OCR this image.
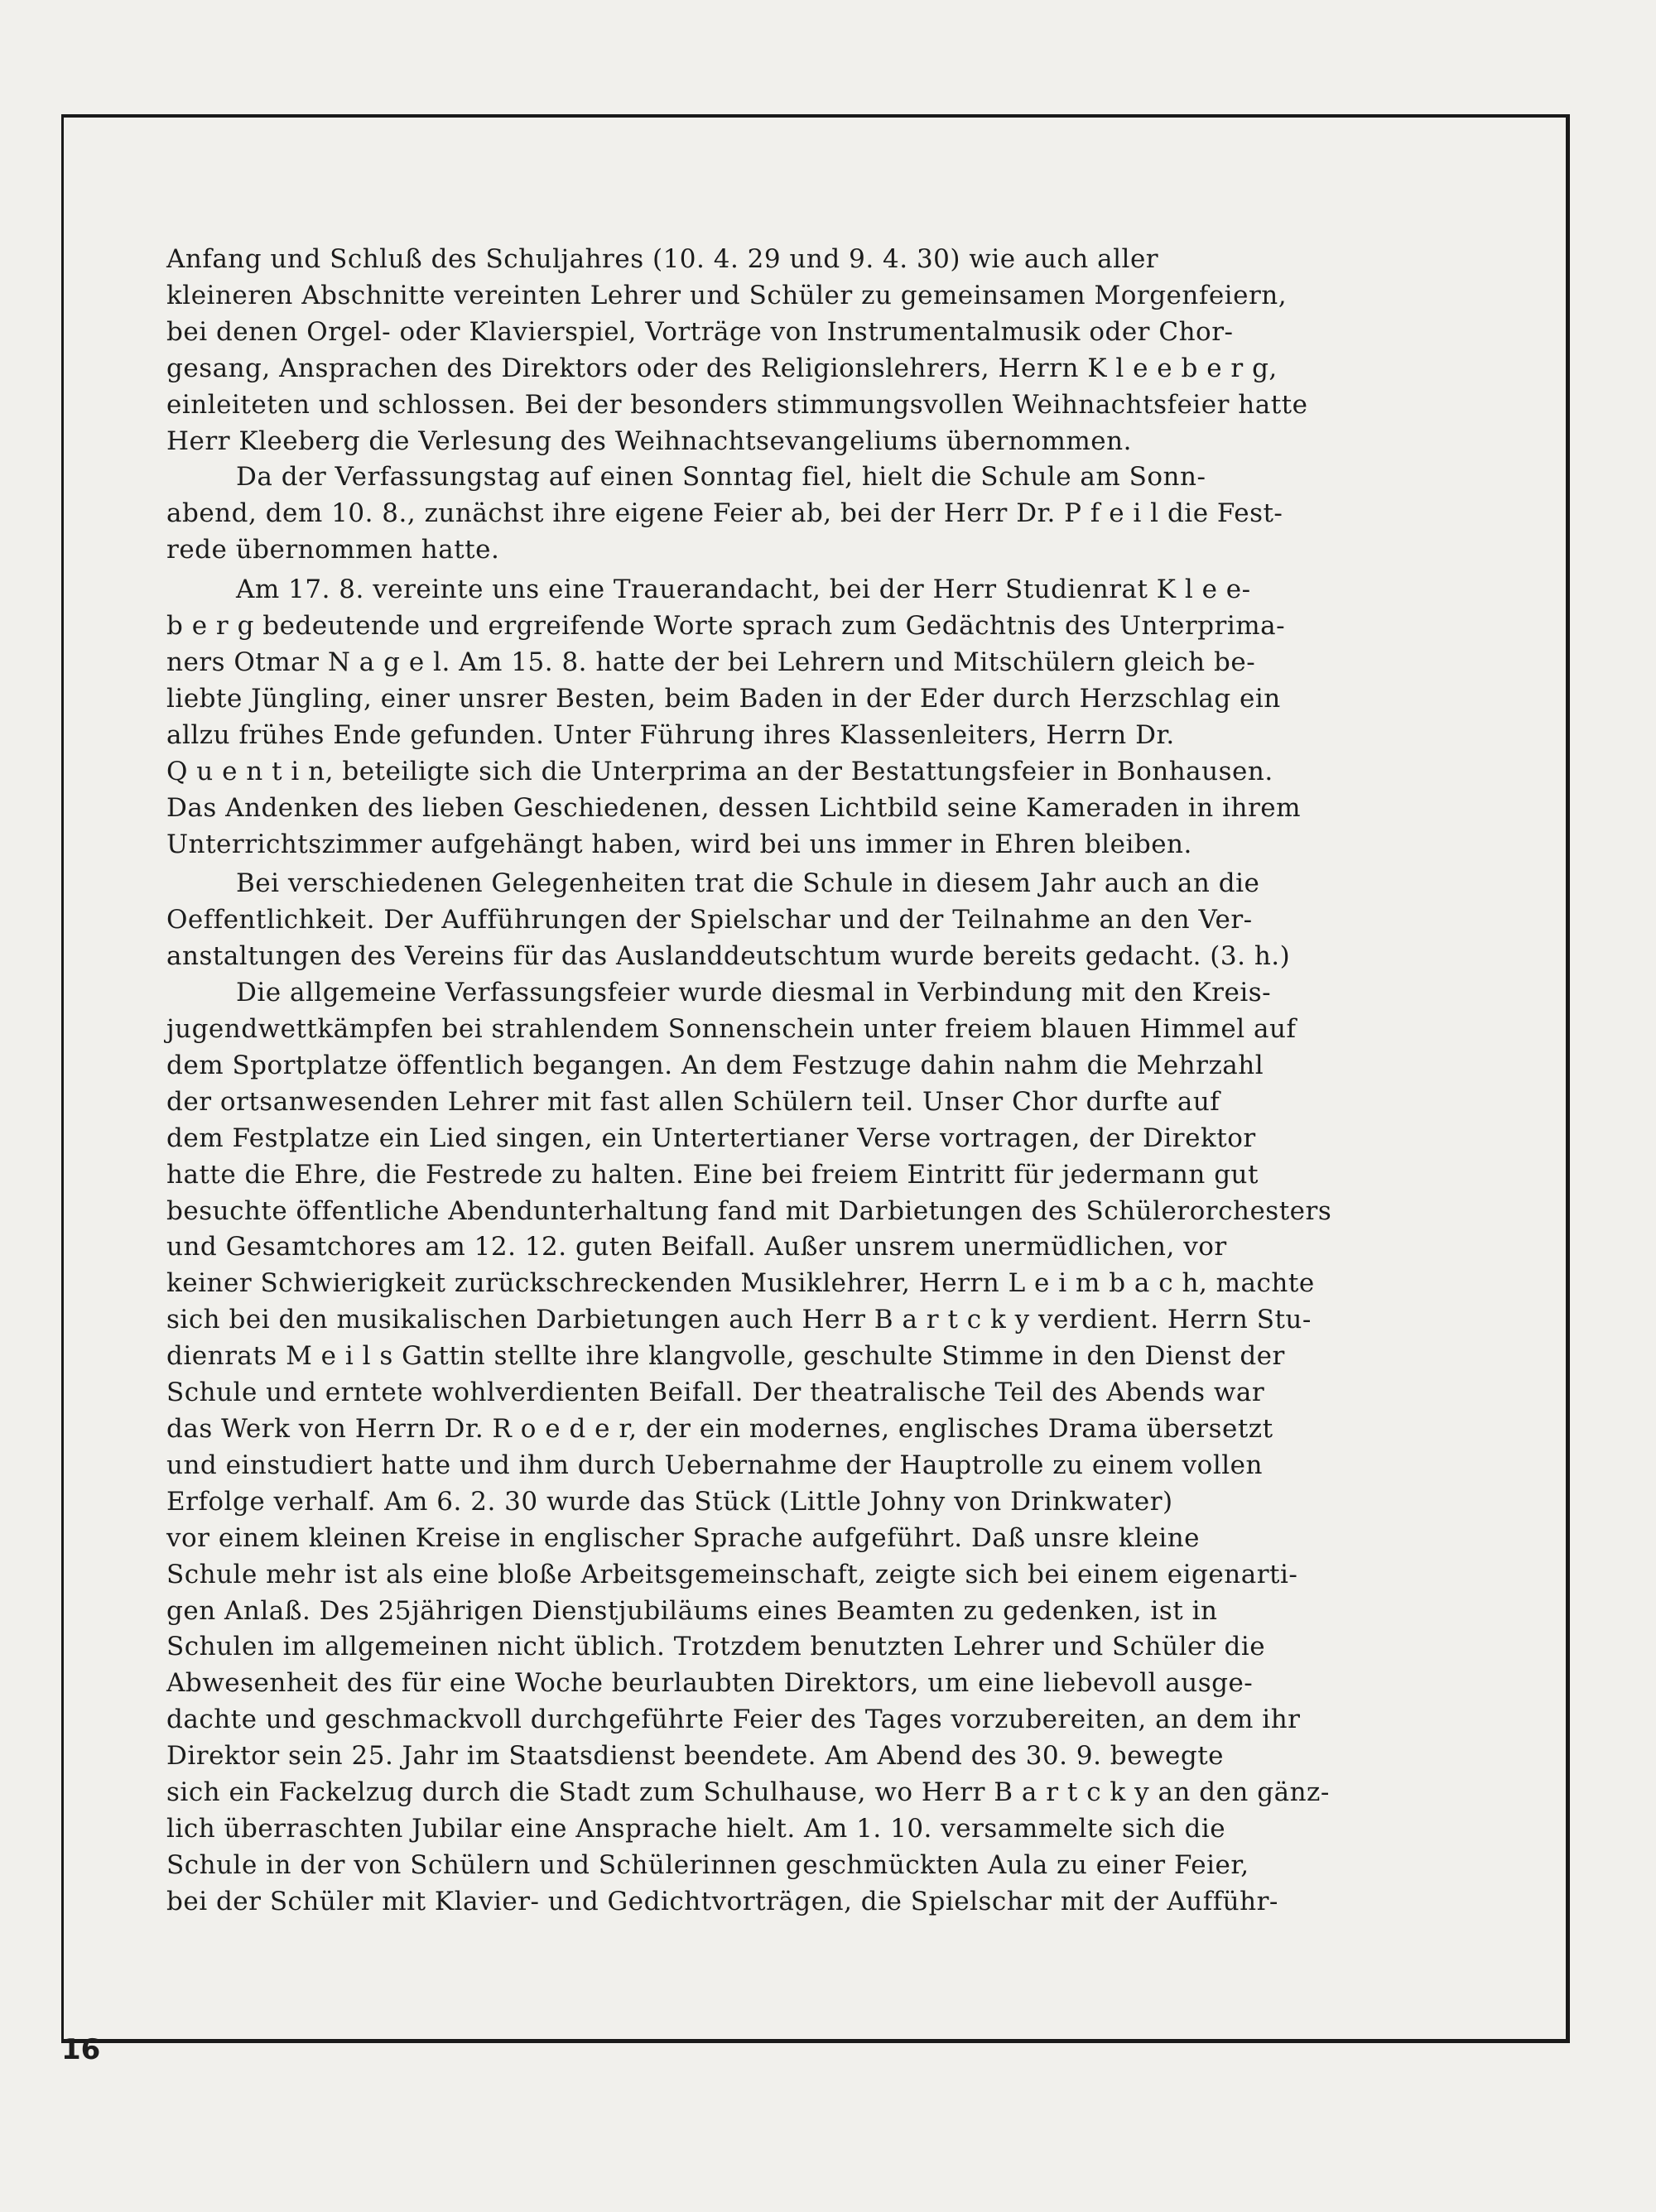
Anfang und Schluß des Schuljahres (10. 4. 29 und 9. 4. 30) wie auch aller
kleineren Abschnitte vereinten Lehrer und Schüler zu gemeinsamen Morgenfeiern,
bei denen Orgel- oder Klavierspiel, Vorträge von Instrumentalmusik oder Chor-
gesang, Ansprachen des Direktors oder des Religionslehrers, Herrn K l e e b e r g,
einleiteten und schlossen. Bei der besonders stimmungsvollen Weihnachtsfeier hatte
Herr Kleeberg die Verlesung des Weihnachtsevangeliums übernommen.

Da der Verfassungstag auf einen Sonntag fiel, hielt die Schule am Sonn-
abend, dem 10. 8., zunächst ihre eigene Feier ab, bei der Herr Dr. P f e i l die Fest-
rede übernommen hatte.

Am 17. 8. vereinte uns eine Trauerandacht, bei der Herr Studienrat K l e e-
b e r g bedeutende und ergreifende Worte sprach zum Gedächtnis des Unterprima-
ners Otmar N a g e l. Am 15. 8. hatte der bei Lehrern und Mitschülern gleich be-
liebte Jüngling, einer unsrer Besten, beim Baden in der Eder durch Herzschlag ein
allzu frühes Ende gefunden. Unter Führung ihres Klassenleiters, Herrn Dr.
Q u e n t i n, beteiligte sich die Unterprima an der Bestattungsfeier in Bonhausen.
Das Andenken des lieben Geschiedenen, dessen Lichtbild seine Kameraden in ihrem
Unterrichtszimmer aufgehängt haben, wird bei uns immer in Ehren bleiben.

Bei verschiedenen Gelegenheiten trat die Schule in diesem Jahr auch an die
Oeffentlichkeit. Der Aufführungen der Spielschar und der Teilnahme an den Ver-
anstaltungen des Vereins für das Auslanddeutschtum wurde bereits gedacht. (3. h.)

Die allgemeine Verfassungsfeier wurde diesmal in Verbindung mit den Kreis-
jugendwettkämpfen bei strahlendem Sonnenschein unter freiem blauen Himmel auf
dem Sportplatze öffentlich begangen. An dem Festzuge dahin nahm die Mehrzahl
der ortsanwesenden Lehrer mit fast allen Schülern teil. Unser Chor durfte auf
dem Festplatze ein Lied singen, ein Untertertianer Verse vortragen, der Direktor
hatte die Ehre, die Festrede zu halten. Eine bei freiem Eintritt für jedermann gut
besuchte öffentliche Abendunterhaltung fand mit Darbietungen des Schülerorchesters
und Gesamtchores am 12. 12. guten Beifall. Außer unsrem unermüdlichen, vor
keiner Schwierigkeit zurückschreckenden Musiklehrer, Herrn L e i m b a c h, machte
sich bei den musikalischen Darbietungen auch Herr B a r t c k y verdient. Herrn Stu-
dienrats M e i l s Gattin stellte ihre klangvolle, geschulte Stimme in den Dienst der
Schule und erntete wohlverdienten Beifall. Der theatralische Teil des Abends war
das Werk von Herrn Dr. R o e d e r, der ein modernes, englisches Drama übersetzt
und einstudiert hatte und ihm durch Uebernahme der Hauptrolle zu einem vollen
Erfolge verhalf. Am 6. 2. 30 wurde das Stück (Little Johny von Drinkwater)
vor einem kleinen Kreise in englischer Sprache aufgeführt. Daß unsre kleine
Schule mehr ist als eine bloße Arbeitsgemeinschaft, zeigte sich bei einem eigenarti-
gen Anlaß. Des 25jährigen Dienstjubiläums eines Beamten zu gedenken, ist in
Schulen im allgemeinen nicht üblich. Trotzdem benutzten Lehrer und Schüler die
Abwesenheit des für eine Woche beurlaubten Direktors, um eine liebevoll ausge-
dachte und geschmackvoll durchgeführte Feier des Tages vorzubereiten, an dem ihr
Direktor sein 25. Jahr im Staatsdienst beendete. Am Abend des 30. 9. bewegte
sich ein Fackelzug durch die Stadt zum Schulhause, wo Herr B a r t c k y an den gänz-
lich überraschten Jubilar eine Ansprache hielt. Am 1. 10. versammelte sich die
Schule in der von Schülern und Schülerinnen geschmückten Aula zu einer Feier,
bei der Schüler mit Klavier- und Gedichtvorträgen, die Spielschar mit der Aufführ-

16
